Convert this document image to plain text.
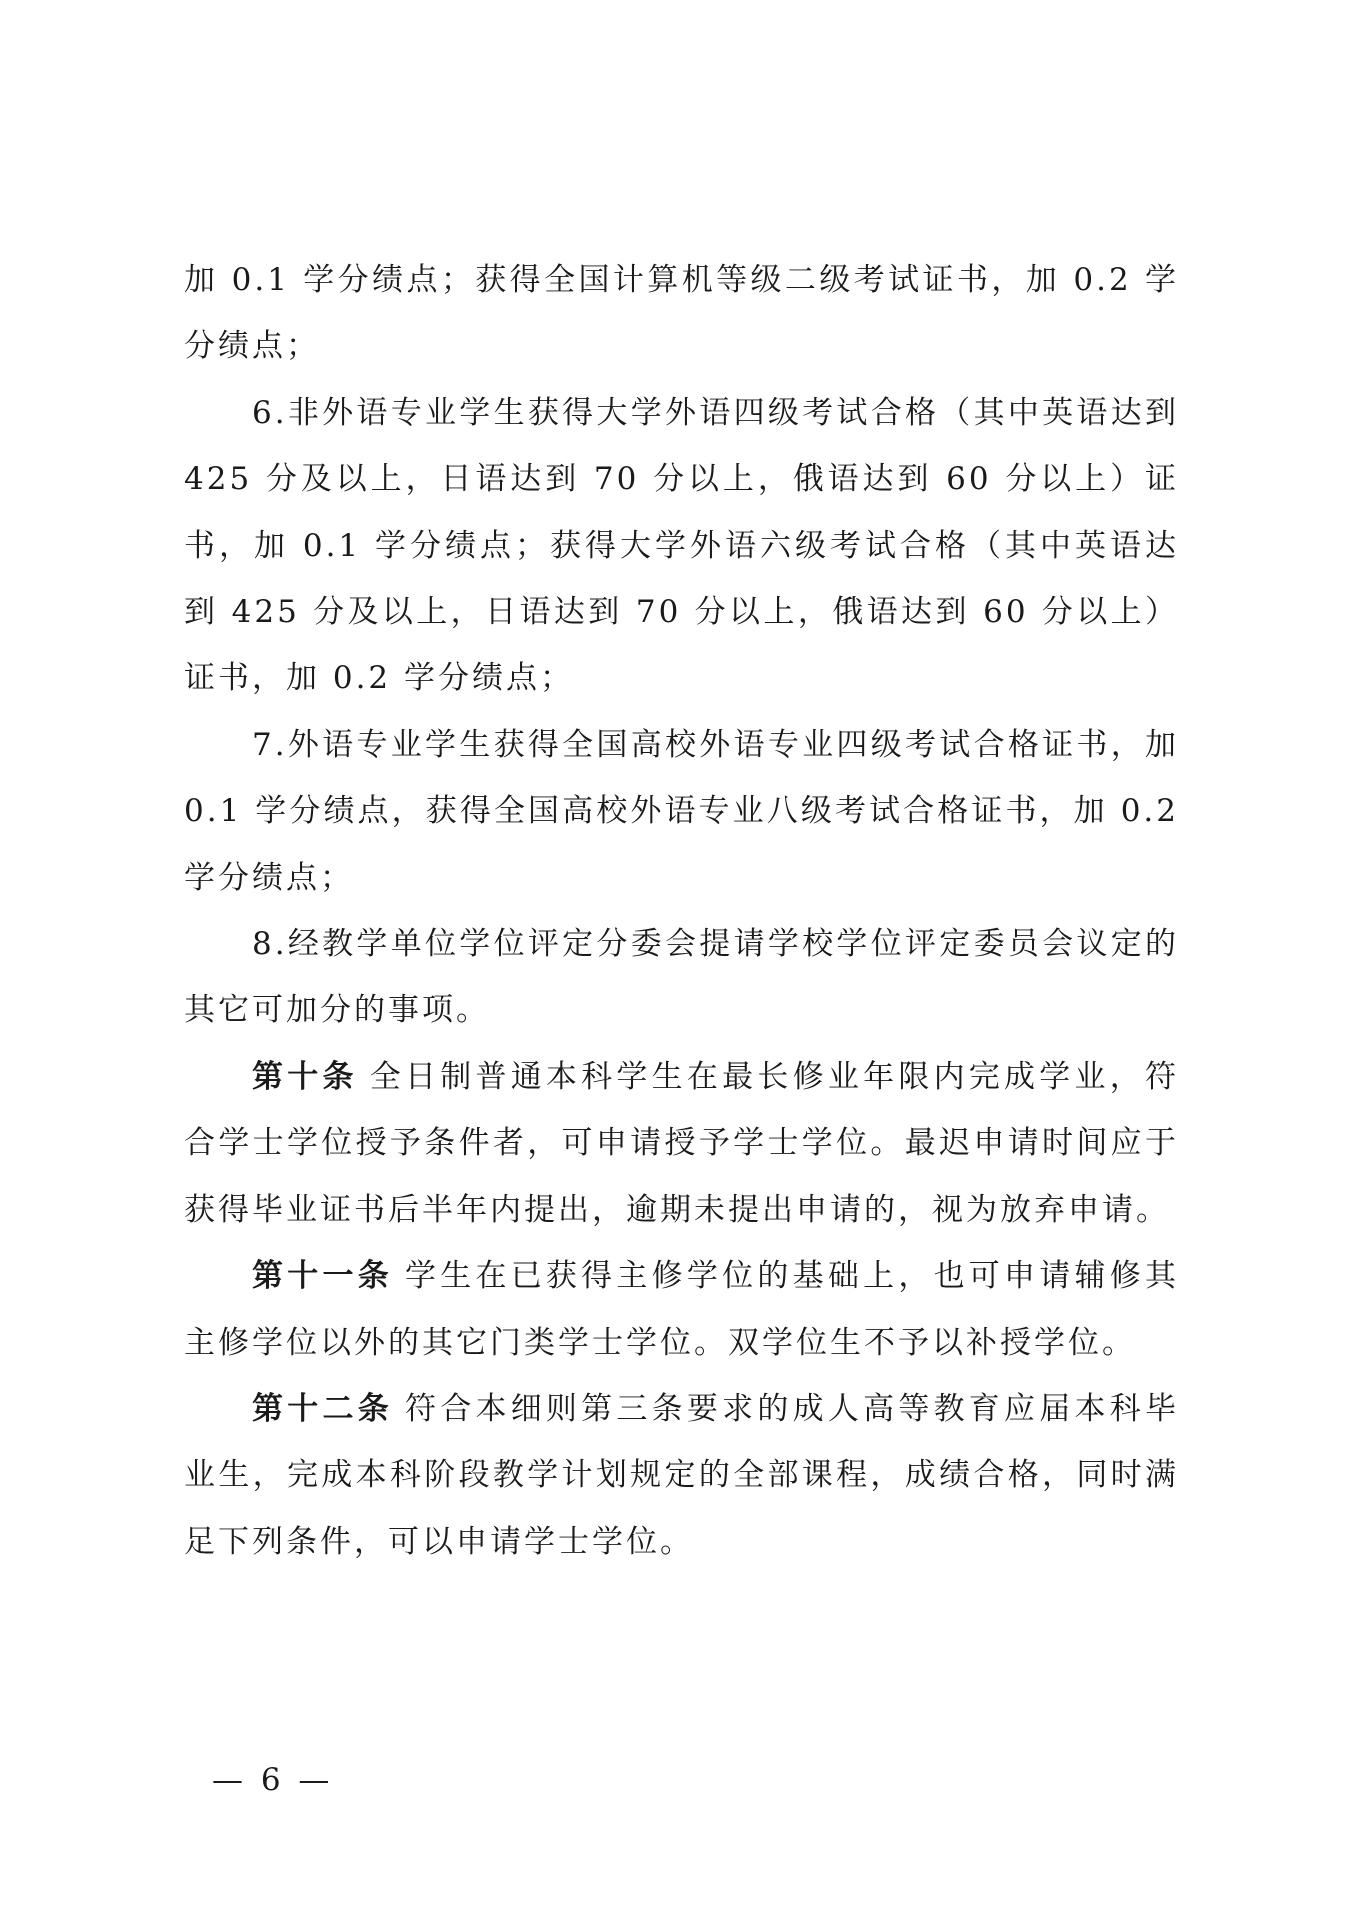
加 0.1 学分绩点；获得全国计算机等级二级考试证书，加 0.2 学分绩点；

6.非外语专业学生获得大学外语四级考试合格（其中英语达到 425 分及以上，日语达到 70 分以上，俄语达到 60 分以上）证书，加 0.1 学分绩点；获得大学外语六级考试合格（其中英语达到 425 分及以上，日语达到 70 分以上，俄语达到 60 分以上）证书，加 0.2 学分绩点；

7.外语专业学生获得全国高校外语专业四级考试合格证书，加 0.1 学分绩点，获得全国高校外语专业八级考试合格证书，加 0.2 学分绩点；

8.经教学单位学位评定分委会提请学校学位评定委员会议定的其它可加分的事项。

第十条 全日制普通本科学生在最长修业年限内完成学业，符合学士学位授予条件者，可申请授予学士学位。最迟申请时间应于获得毕业证书后半年内提出，逾期未提出申请的，视为放弃申请。

第十一条 学生在已获得主修学位的基础上，也可申请辅修其主修学位以外的其它门类学士学位。双学位生不予以补授学位。

第十二条 符合本细则第三条要求的成人高等教育应届本科毕业生，完成本科阶段教学计划规定的全部课程，成绩合格，同时满足下列条件，可以申请学士学位。

— 6 —
